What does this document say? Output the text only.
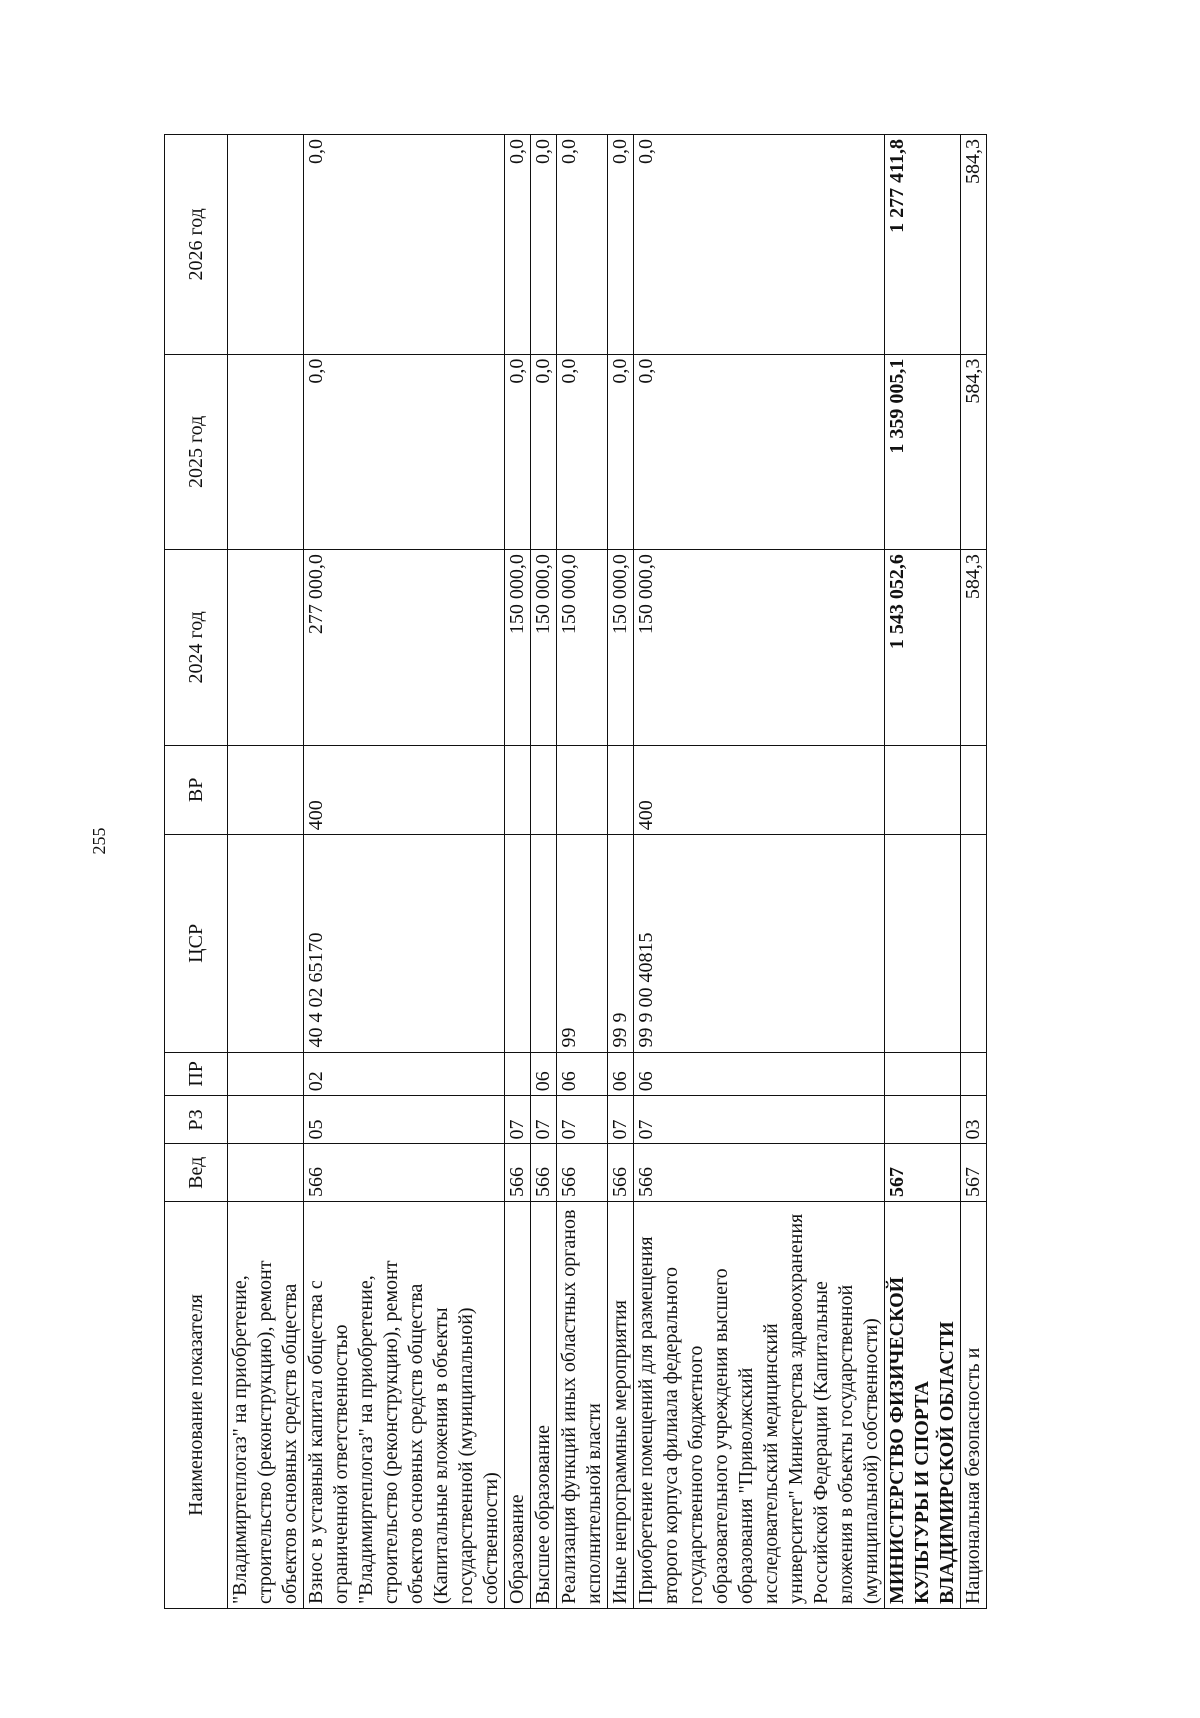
255
Наименование показателя	Вед	РЗ	ПР	ЦСР	ВР	2024 год	2025 год	2026 год
"Владимиртеплогаз" на приобретение, строительство (реконструкцию), ремонт объектов основных средств общества								
Взнос в уставный капитал общества с ограниченной ответственностью "Владимиртеплогаз" на приобретение, строительство (реконструкцию), ремонт объектов основных средств общества (Капитальные вложения в объекты государственной (муниципальной) собственности)	566	05	02	40 4 02 65170	400	277 000,0	0,0	0,0
Образование	566	07				150 000,0	0,0	0,0
Высшее образование	566	07	06			150 000,0	0,0	0,0
Реализация функций иных областных органов исполнительной власти	566	07	06	99		150 000,0	0,0	0,0
Иные непрограммные мероприятия	566	07	06	99 9		150 000,0	0,0	0,0
Приобретение помещений для размещения второго корпуса филиала федерального государственного бюджетного образовательного учреждения высшего образования "Приволжский исследовательский медицинский университет" Министерства здравоохранения Российской Федерации (Капитальные вложения в объекты государственной (муниципальной) собственности)	566	07	06	99 9 00 40815	400	150 000,0	0,0	0,0
МИНИСТЕРСТВО ФИЗИЧЕСКОЙ КУЛЬТУРЫ И СПОРТА ВЛАДИМИРСКОЙ ОБЛАСТИ	567					1 543 052,6	1 359 005,1	1 277 411,8
Национальная безопасность и	567	03				584,3	584,3	584,3
